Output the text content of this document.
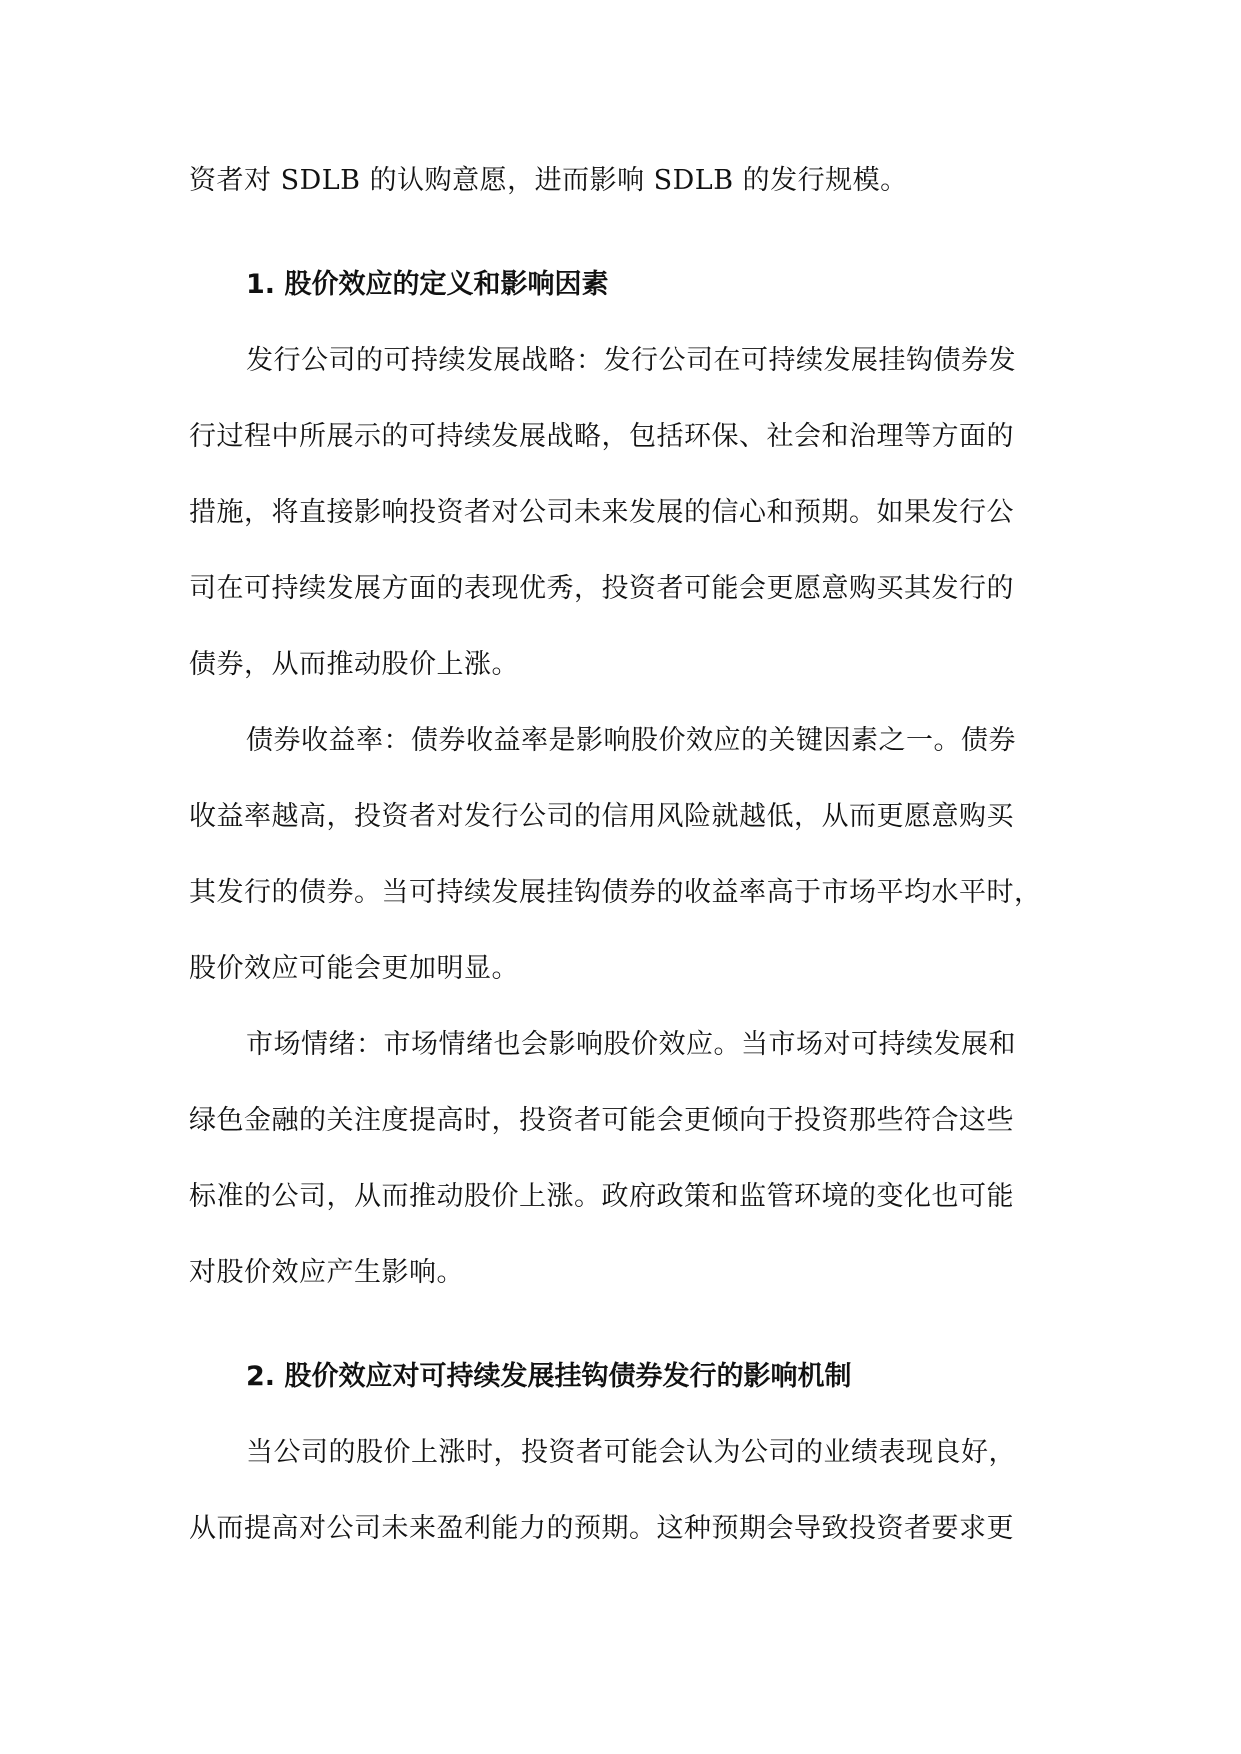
资者对 SDLB 的认购意愿，进而影响 SDLB 的发行规模。
1. 股价效应的定义和影响因素
发行公司的可持续发展战略：发行公司在可持续发展挂钩债券发
行过程中所展示的可持续发展战略，包括环保、社会和治理等方面的
措施，将直接影响投资者对公司未来发展的信心和预期。如果发行公
司在可持续发展方面的表现优秀，投资者可能会更愿意购买其发行的
债券，从而推动股价上涨。
债券收益率：债券收益率是影响股价效应的关键因素之一。债券
收益率越高，投资者对发行公司的信用风险就越低，从而更愿意购买
其发行的债券。当可持续发展挂钩债券的收益率高于市场平均水平时，
股价效应可能会更加明显。
市场情绪：市场情绪也会影响股价效应。当市场对可持续发展和
绿色金融的关注度提高时，投资者可能会更倾向于投资那些符合这些
标准的公司，从而推动股价上涨。政府政策和监管环境的变化也可能
对股价效应产生影响。
2. 股价效应对可持续发展挂钩债券发行的影响机制
当公司的股价上涨时，投资者可能会认为公司的业绩表现良好，
从而提高对公司未来盈利能力的预期。这种预期会导致投资者要求更
